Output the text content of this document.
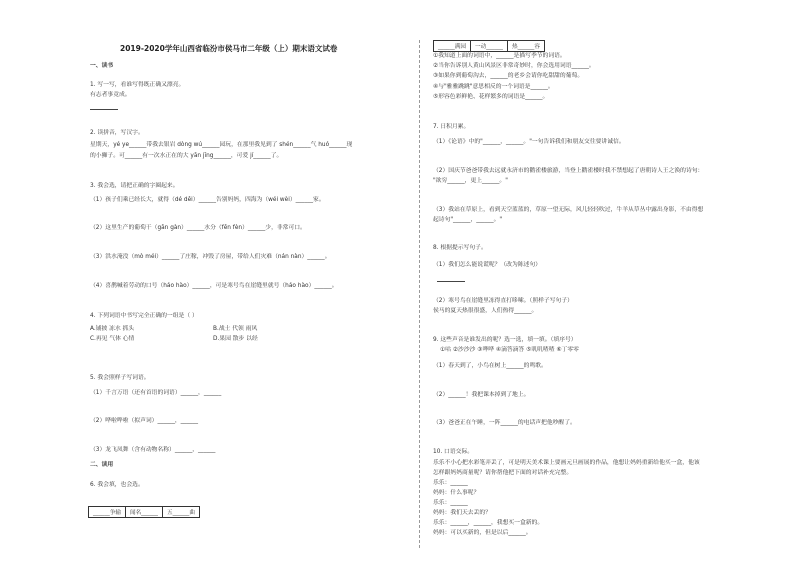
2019-2020学年山西省临汾市侯马市二年级（上）期末语文试卷
一、读书
1. 写一写，看谁写得既正确又漂亮。
有志者事竟成。
2. 读拼音，写汉字。
星期天，yé ye______带我去银岩 dòng wú______园玩，在那里我见到了 shén______气 huó______现
的小狮子。可______有一次水正在的大 yān jīng______，可爱 jí______了。
3. 我会选，请把正确的字圈起来。
（1）孩子们乘已经长大，就得（dé děi）______告别妈妈，四海为（wéi wèi）______家。
（2）这里生产的葡萄干（gān gàn）______水分（fēn fèn）______少，非常可口。
（3）洪水淹没（mò méi）______了庄稼，冲毁了房屋，带给人们灾难（nán nàn）______。
（4）喜鹊喊着劳动的口号（háo hào）______，可是寒号鸟在崖缝里就号（háo hào）______。
4. 下列词语中书写完全正确的一组是（ ）
A.铺披 冻水 抓头	B.战士 代领 雨风
C.再见 气体 心情	D.果园 散步 以经
5. 我会照样子写词语。
（1）千言万语（还有首语的词语）______，______
（2）哗啦哗啦（拟声词）______，______
（3）龙飞凤舞（含有动物名称）______，______
二、读用
6. 我会填，也会选。
______争输	闻名______	五______曲
______满园	一动______	热______容
①我知道上面的词语中，______是描写季节的词语。
②当你告诉别人黄山风景区非常奇妙时，你会选用词语______。
③如果你到葡萄沟去，______的老乡会请你吃甜甜的葡萄。
④与"雅雅跳跳"意思相反的一个词语是______。
⑤形容色彩鲜艳、花样繁多的词语是______。
7. 日积月累。
（1）《论语》中的"______，______。"一句告诉我们和朋友交往要讲诚信。
（2）国庆节爸爸带我去远就永济市的鹳雀楼旅游，当登上鹳雀楼时我不禁想起了唐朝诗人王之涣的诗句：
"欲穷______，更上______。"
（3）我站在草原上，看到天空蓝蓝的，草原一望无际，风儿轻轻吹过，牛羊从草丛中露出身影，不由得想
起诗句"______，______。"
8. 根据提示写句子。
（1）我们怎么能说谎呢？（改为陈述句）
（2）寒号鸟在崖缝里冻得直打哆嗦。（照样子写句子）
侯马的夏天热很很盛，人们热得______。
9. 这些声音是谁发出的呢？选一选，填一填。（填序号）
①咕 ②沙沙沙 ③哗哗 ④滴答滴答 ⑤叽叽喳喳 ⑥丁零零
（1）春天到了，小鸟在树上______的鸣歌。
（2）______！我把课本掉到了地上。
（3）爸爸正在午睡，一阵______的电话声把他吵醒了。
10. 口语交际。
乐乐不小心把水彩笔弄丢了，可是明天美术课上要画元旦画展的作品，他想让妈妈重新给他买一盒，他该
怎样跟妈妈商量呢？请你帮他把下面的对话补充完整。
乐乐：______
妈妈：什么事呢？
乐乐：______
妈妈：我们天去丢的？
乐乐：______，______，我想买一盒新的。
妈妈：可以买新的，但是以后______。
